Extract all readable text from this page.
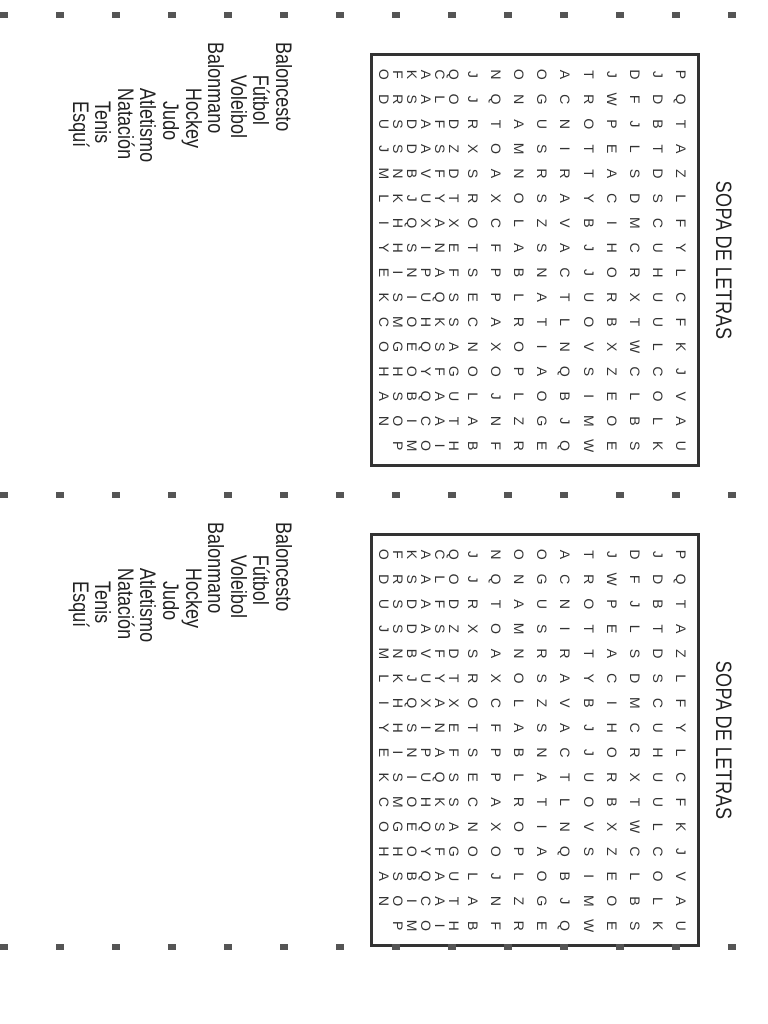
SOPA DE LETRAS
U
K
S
E
W
Q
E
R
F
B
H
I
O
M
P
A
L
B
O
M
J
G
Z
N
A
T
A
C
I
O
N
V
O
L
E
I
B
O
L
J
L
U
A
Q
B
S
A
J
C
C
Z
S
Q
A
P
O
O
G
F
Y
O
H
H
K
L
W
X
V
N
I
O
X
N
A
S
Q
E
G
O
F
U
T
B
O
L
T
R
A
C
S
K
H
O
M
C
C
U
X
R
U
T
A
L
P
E
S
Q
U
I
S
K
L
H
R
O
J
C
N
B
P
S
F
A
P
N
I
E
Y
U
C
H
J
A
S
A
F
T
E
N
I
S
H
Y
F
C
M
I
B
V
Z
L
C
O
X
A
X
Q
H
I
L
S
D
C
Y
A
S
O
X
R
T
Y
U
J
K
L
Z
D
S
A
T
R
R
N
A
S
D
F
V
B
N
M
A
T
L
E
T
I
S
M
O
X
Z
S
A
D
S
J
T
B
J
P
O
N
U
A
T
R
D
F
A
D
S
U
Q
D
F
W
R
C
G
N
Q
J
O
L
A
S
R
D
P
J
D
J
T
A
O
O
N
J
Q
C
A
K
F
O
Baloncesto
Fútbol
Voleibol
Balonmano
Hockey
Judo
Atletismo
Natación
Tenis
Esquí
SOPA DE LETRAS
U
K
S
E
W
Q
E
R
F
B
H
I
O
M
P
A
L
B
O
M
J
G
Z
N
A
T
A
C
I
O
N
V
O
L
E
I
B
O
L
J
L
U
A
Q
B
S
A
J
C
C
Z
S
Q
A
P
O
O
G
F
Y
O
H
H
K
L
W
X
V
N
I
O
X
N
A
S
Q
E
G
O
F
U
T
B
O
L
T
R
A
C
S
K
H
O
M
C
C
U
X
R
U
T
A
L
P
E
S
Q
U
I
S
K
L
H
R
O
J
C
N
B
P
S
F
A
P
N
I
E
Y
U
C
H
J
A
S
A
F
T
E
N
I
S
H
Y
F
C
M
I
B
V
Z
L
C
O
X
A
X
Q
H
I
L
S
D
C
Y
A
S
O
X
R
T
Y
U
J
K
L
Z
D
S
A
T
R
R
N
A
S
D
F
V
B
N
M
A
T
L
E
T
I
S
M
O
X
Z
S
A
D
S
J
T
B
J
P
O
N
U
A
T
R
D
F
A
D
S
U
Q
D
F
W
R
C
G
N
Q
J
O
L
A
S
R
D
P
J
D
J
T
A
O
O
N
J
Q
C
A
K
F
O
Baloncesto
Fútbol
Voleibol
Balonmano
Hockey
Judo
Atletismo
Natación
Tenis
Esquí
